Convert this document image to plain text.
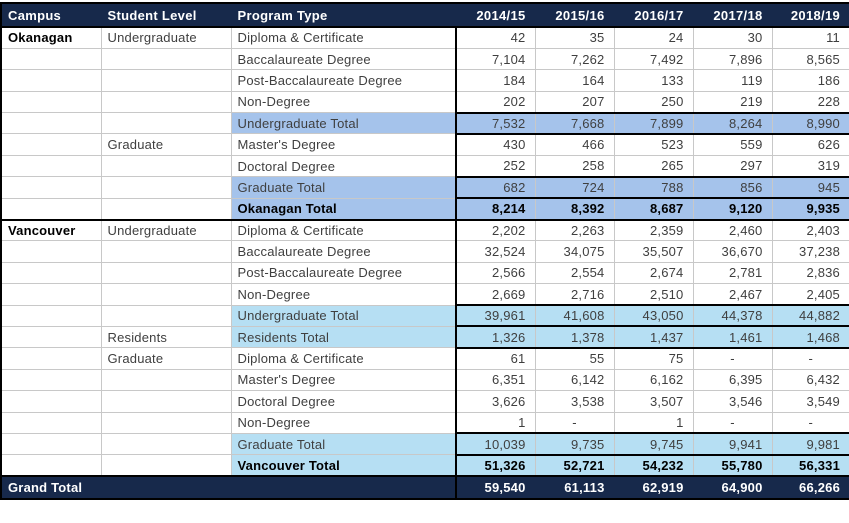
Campus	Student Level	Program Type	2014/15	2015/16	2016/17	2017/18	2018/19
Okanagan	Undergraduate	Diploma & Certificate	42	35	24	30	11
		Baccalaureate Degree	7,104	7,262	7,492	7,896	8,565
		Post-Baccalaureate Degree	184	164	133	119	186
		Non-Degree	202	207	250	219	228
		Undergraduate Total	7,532	7,668	7,899	8,264	8,990
	Graduate	Master's Degree	430	466	523	559	626
		Doctoral Degree	252	258	265	297	319
		Graduate Total	682	724	788	856	945
		Okanagan Total	8,214	8,392	8,687	9,120	9,935
Vancouver	Undergraduate	Diploma & Certificate	2,202	2,263	2,359	2,460	2,403
		Baccalaureate Degree	32,524	34,075	35,507	36,670	37,238
		Post-Baccalaureate Degree	2,566	2,554	2,674	2,781	2,836
		Non-Degree	2,669	2,716	2,510	2,467	2,405
		Undergraduate Total	39,961	41,608	43,050	44,378	44,882
	Residents	Residents Total	1,326	1,378	1,437	1,461	1,468
	Graduate	Diploma & Certificate	61	55	75	-	-
		Master's Degree	6,351	6,142	6,162	6,395	6,432
		Doctoral Degree	3,626	3,538	3,507	3,546	3,549
		Non-Degree	1	-	1	-	-
		Graduate Total	10,039	9,735	9,745	9,941	9,981
		Vancouver Total	51,326	52,721	54,232	55,780	56,331
Grand Total			59,540	61,113	62,919	64,900	66,266
